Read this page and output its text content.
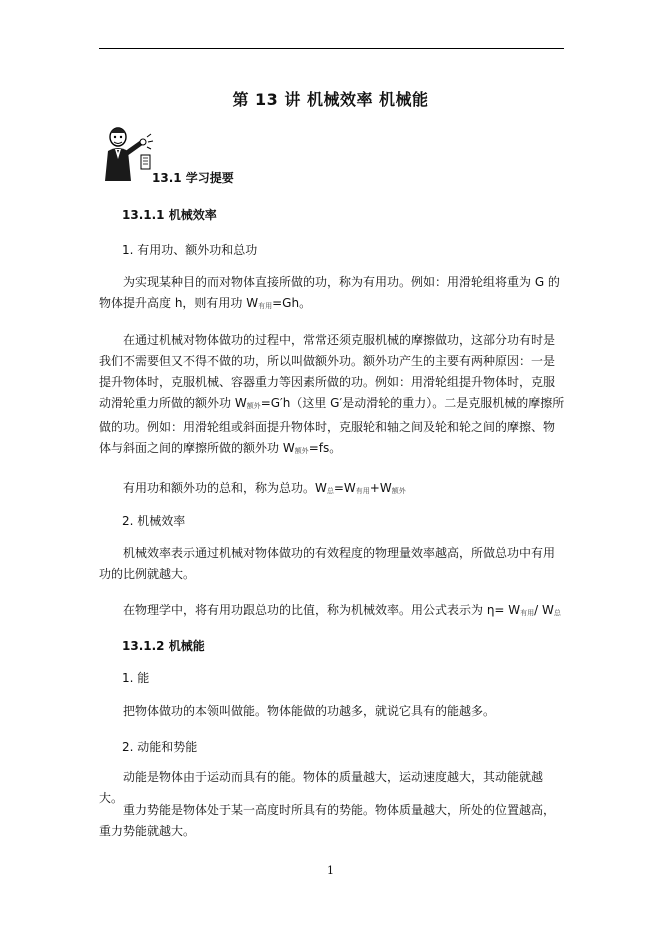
第 13 讲 机械效率 机械能
13.1 学习提要
13.1.1 机械效率
1. 有用功、额外功和总功
为实现某种目的而对物体直接所做的功，称为有用功。例如：用滑轮组将重为 G 的物体提升高度 h，则有用功 W有用=Gh。
在通过机械对物体做功的过程中，常常还须克服机械的摩擦做功，这部分功有时是我们不需要但又不得不做的功，所以叫做额外功。额外功产生的主要有两种原因：一是提升物体时，克服机械、容器重力等因素所做的功。例如：用滑轮组提升物体时，克服动滑轮重力所做的额外功 W额外=G′h（这里 G′是动滑轮的重力）。二是克服机械的摩擦所做的功。例如：用滑轮组或斜面提升物体时，克服轮和轴之间及轮和轮之间的摩擦、物体与斜面之间的摩擦所做的额外功 W额外=fs。
有用功和额外功的总和，称为总功。W总=W有用+W额外
2. 机械效率
机械效率表示通过机械对物体做功的有效程度的物理量效率越高，所做总功中有用功的比例就越大。
在物理学中，将有用功跟总功的比值，称为机械效率。用公式表示为 η= W有用/ W总
13.1.2 机械能
1. 能
把物体做功的本领叫做能。物体能做的功越多，就说它具有的能越多。
2. 动能和势能
动能是物体由于运动而具有的能。物体的质量越大，运动速度越大，其动能就越大。
重力势能是物体处于某一高度时所具有的势能。物体质量越大，所处的位置越高，重力势能就越大。
1
